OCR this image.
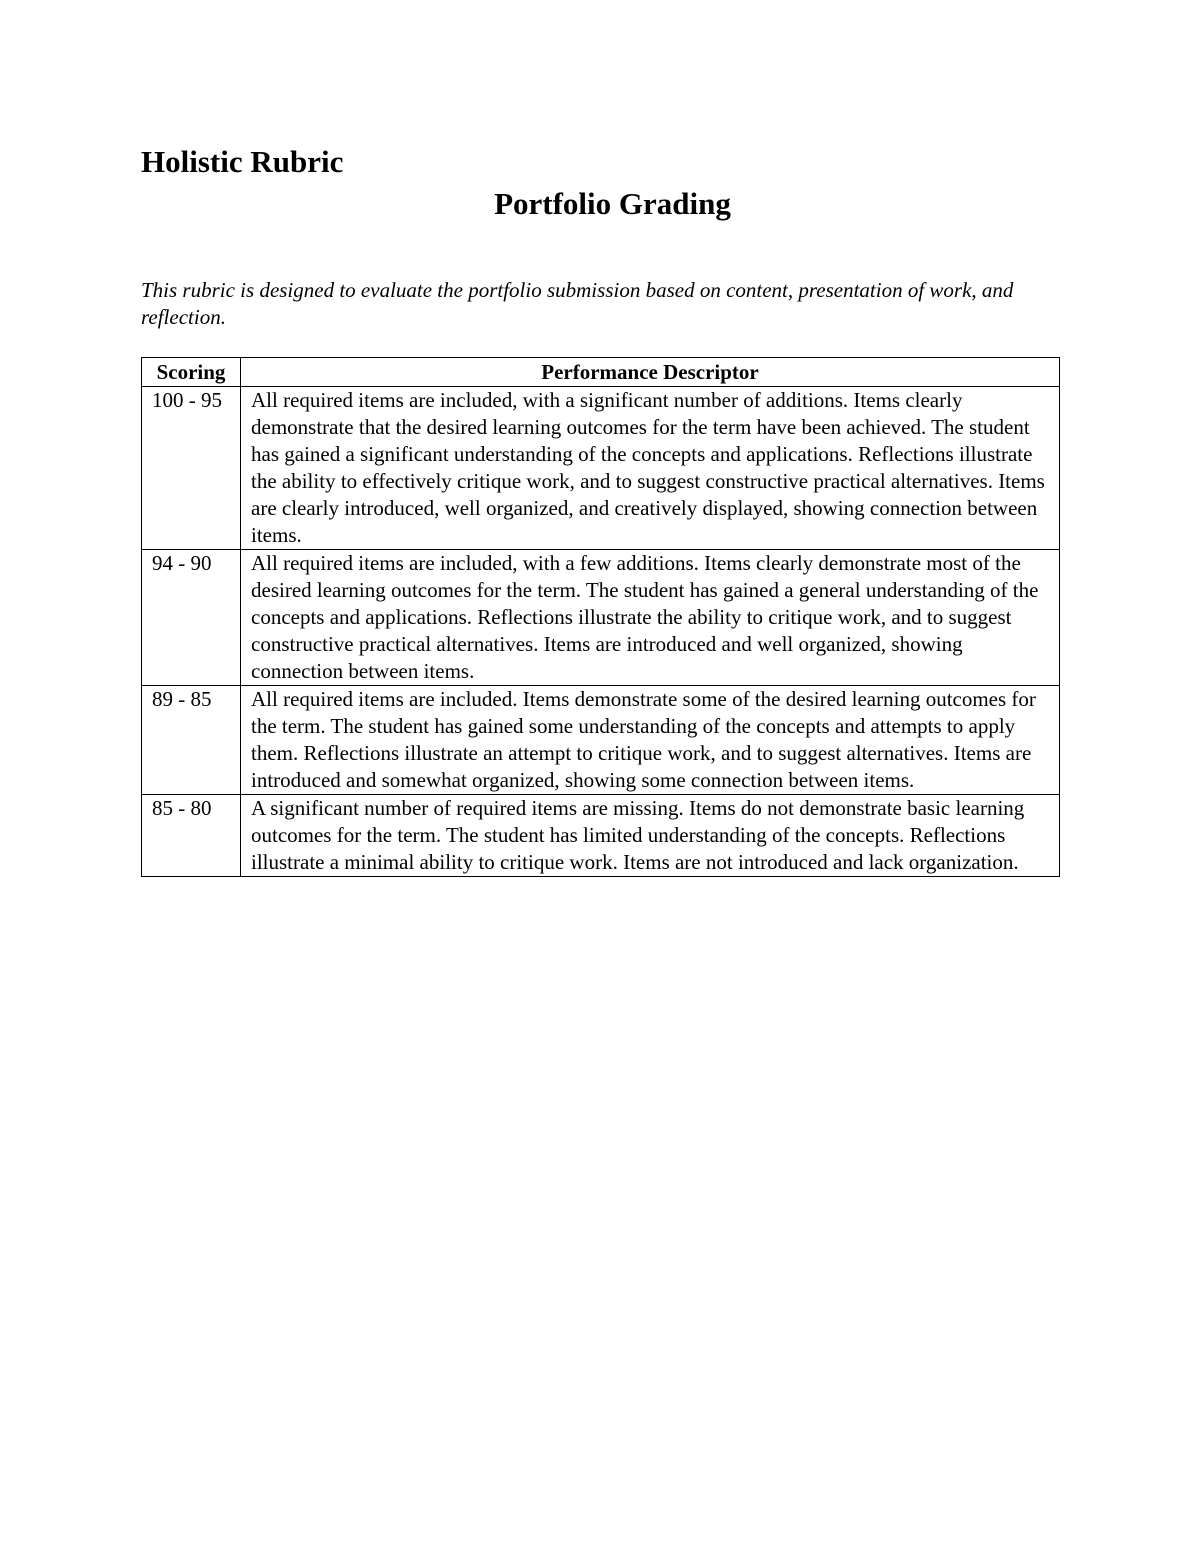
Holistic Rubric
Portfolio Grading

This rubric is designed to evaluate the portfolio submission based on content, presentation of work, and reflection.

Scoring	Performance Descriptor
100 - 95	All required items are included, with a significant number of additions. Items clearly demonstrate that the desired learning outcomes for the term have been achieved. The student has gained a significant understanding of the concepts and applications. Reflections illustrate the ability to effectively critique work, and to suggest constructive practical alternatives. Items are clearly introduced, well organized, and creatively displayed, showing connection between items.
94 - 90	All required items are included, with a few additions. Items clearly demonstrate most of the desired learning outcomes for the term. The student has gained a general understanding of the concepts and applications. Reflections illustrate the ability to critique work, and to suggest constructive practical alternatives. Items are introduced and well organized, showing connection between items.
89 - 85	All required items are included. Items demonstrate some of the desired learning outcomes for the term. The student has gained some understanding of the concepts and attempts to apply them. Reflections illustrate an attempt to critique work, and to suggest alternatives. Items are introduced and somewhat organized, showing some connection between items.
85 - 80	A significant number of required items are missing. Items do not demonstrate basic learning outcomes for the term. The student has limited understanding of the concepts. Reflections illustrate a minimal ability to critique work. Items are not introduced and lack organization.
